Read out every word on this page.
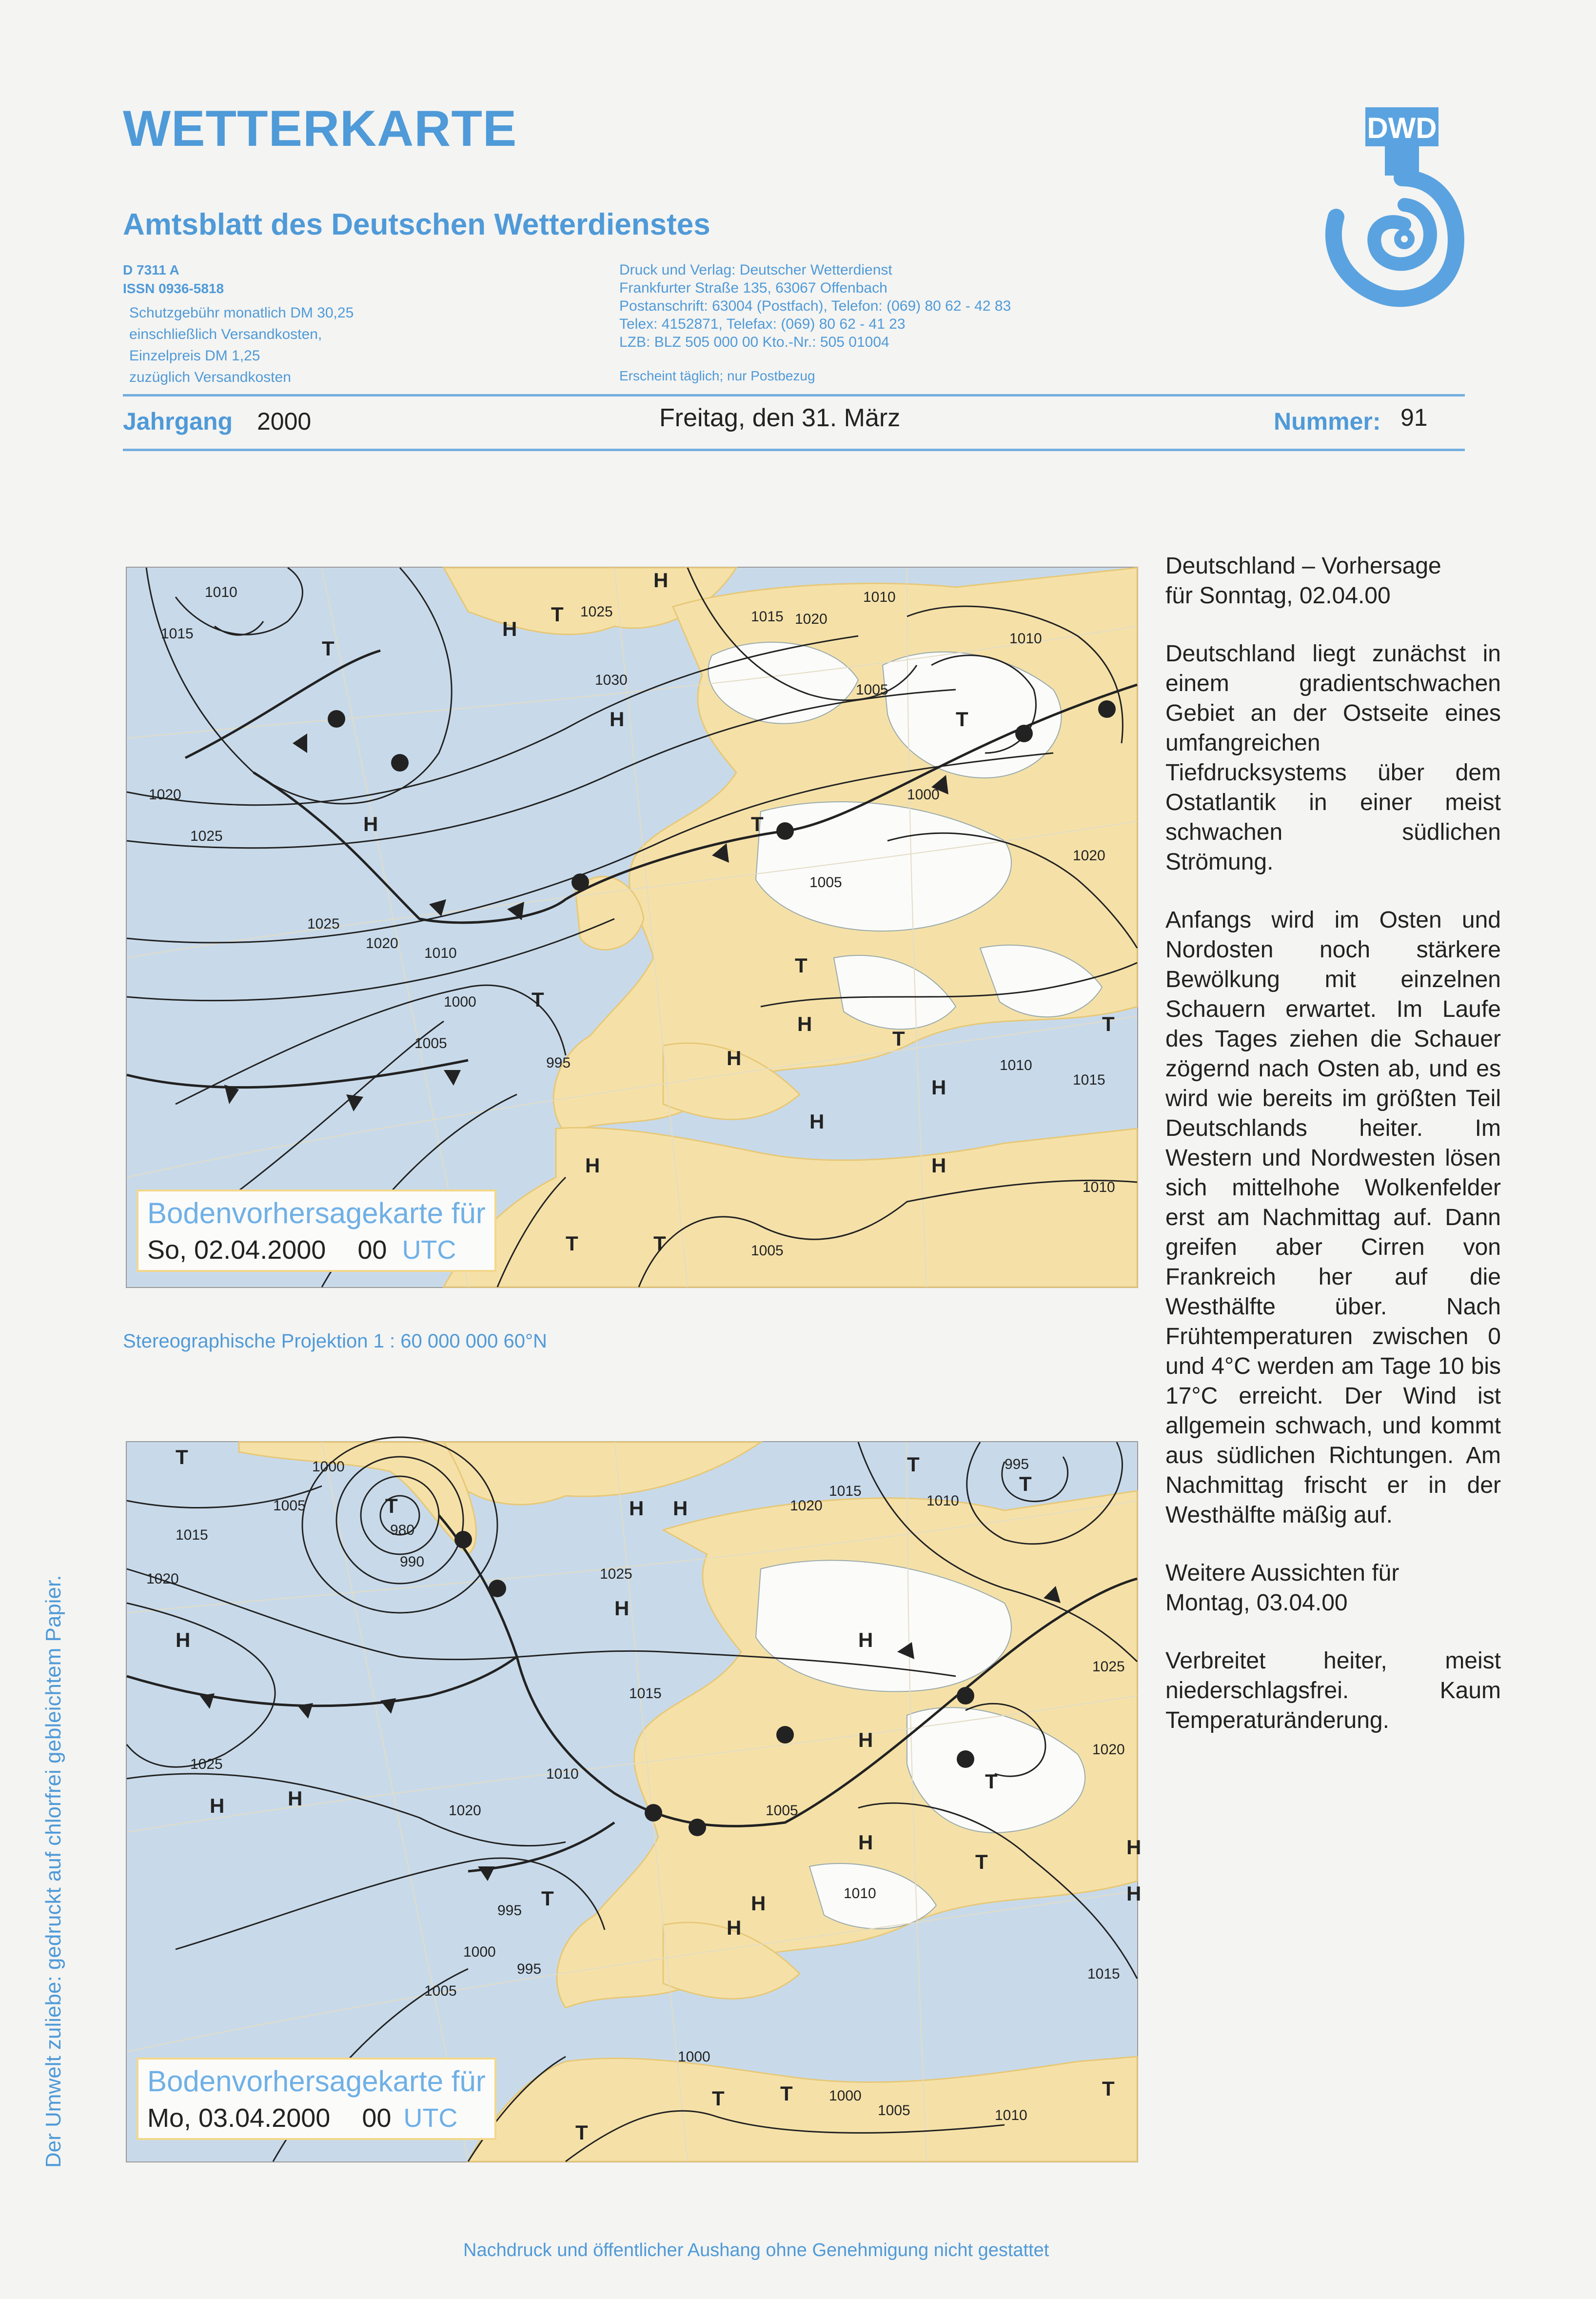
WETTERKARTE
Amtsblatt des Deutschen Wetterdienstes
D 7311 A
ISSN 0936-5818
Schutzgebühr monatlich DM 30,25
einschließlich Versandkosten,
Einzelpreis DM 1,25
zuzüglich Versandkosten
Druck und Verlag: Deutscher Wetterdienst
Frankfurter Straße 135, 63067 Offenbach
Postanschrift: 63004 (Postfach), Telefon: (069) 80 62 - 42 83
Telex: 4152871, Telefax: (069) 80 62 - 41 23
LZB: BLZ 505 000 00 Kto.-Nr.: 505 01004
Erscheint täglich; nur Postbezug
DWD
Jahrgang 2000	Freitag, den 31. März	Nummer: 91
1010
1015
1025
1030
1020
1015
1010
1010
1005
1020
1025
1025
1020
1010
1000
1005
995
1000
1020
1005
1010
1015
1010
1005
H
H
T
T
H
H	T
T
T
T
H
H
T
H
T
H
H
H
T
T
Bodenvorhersagekarte für
So, 02.04.2000 00 UTC
Stereographische Projektion 1 : 60 000 000 60°N
1000
1005
1015
1020
980
990
1025
1015
1020
1015
1010
995
1025
1020
1025
1010
1020	1005
995
1000
1005
995
1010
1015
1000
1000
1005	1010
T
T	H H
T
T
H
H	H
H	H
T
H
H
T
H
H
H
H
T
T
T
T
T
Bodenvorhersagekarte für
Mo, 03.04.2000 00 UTC

Deutschland – Vorhersage
für Sonntag, 02.04.00

Deutschland liegt zunächst in einem gradientschwachen Gebiet an der Ostseite eines umfangreichen Tiefdrucksystems über dem Ostatlantik in einer meist schwachen südlichen Strömung.

Anfangs wird im Osten und Nordosten noch stärkere Bewölkung mit einzelnen Schauern erwartet. Im Laufe des Tages ziehen die Schauer zögernd nach Osten ab, und es wird wie bereits im größten Teil Deutschlands heiter. Im Western und Nordwesten lösen sich mittelhohe Wolkenfelder erst am Nachmittag auf. Dann greifen aber Cirren von Frankreich her auf die Westhälfte über. Nach Frühtemperaturen zwischen 0 und 4°C werden am Tage 10 bis 17°C erreicht. Der Wind ist allgemein schwach, und kommt aus südlichen Richtungen. Am Nachmittag frischt er in der Westhälfte mäßig auf.

Weitere Aussichten für
Montag, 03.04.00

Verbreitet heiter, meist niederschlagsfrei. Kaum Temperaturänderung.

Der Umwelt zuliebe: gedruckt auf chlorfrei gebleichtem Papier.
Nachdruck und öffentlicher Aushang ohne Genehmigung nicht gestattet
